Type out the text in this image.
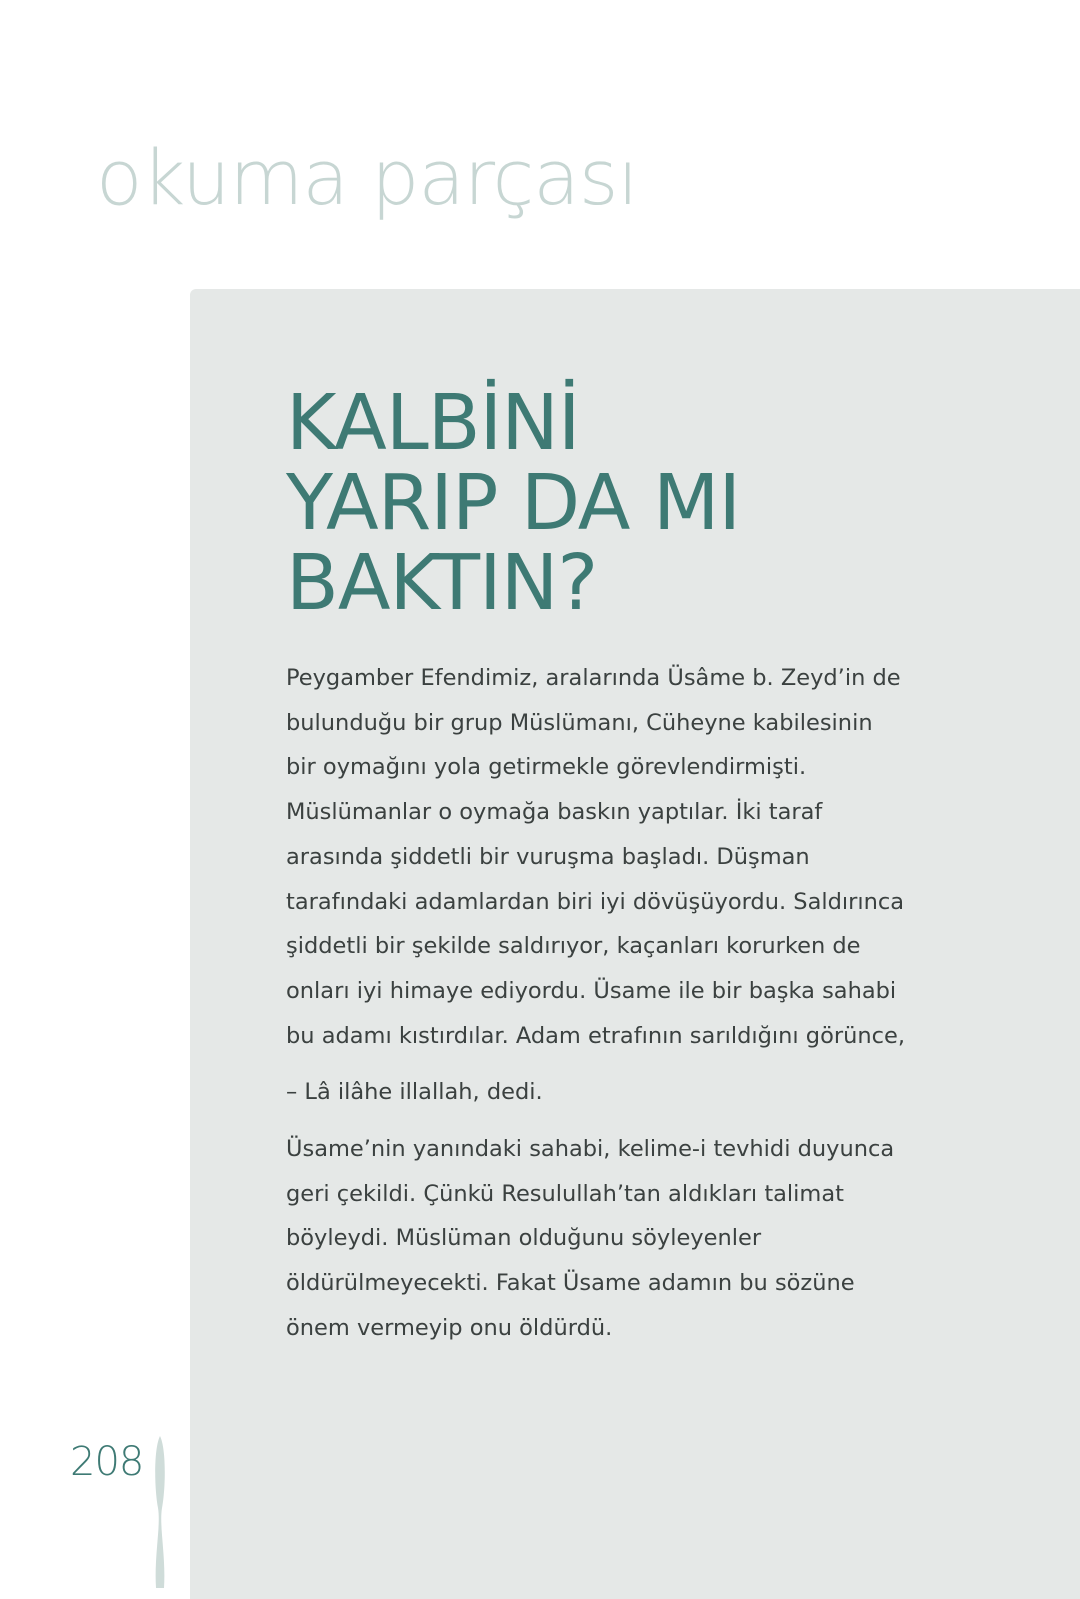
okuma parçası
KALBİNİ
YARIP DA MI
BAKTIN?

Peygamber Efendimiz, aralarında Üsâme b. Zeyd’in de bulunduğu bir grup Müslümanı, Cüheyne kabilesinin bir oymağını yola getirmekle görevlendirmişti. Müslümanlar o oymağa baskın yaptılar. İki taraf arasında şiddetli bir vuruşma başladı. Düşman tarafındaki adamlardan biri iyi dövüşüyordu. Saldırınca şiddetli bir şekilde saldırıyor, kaçanları korurken de onları iyi himaye ediyordu. Üsame ile bir başka sahabi bu adamı kıstırdılar. Adam etrafının sarıldığını görünce,

– Lâ ilâhe illallah, dedi.

Üsame’nin yanındaki sahabi, kelime-i tevhidi duyunca geri çekildi. Çünkü Resulullah’tan aldıkları talimat böyleydi. Müslüman olduğunu söyleyenler öldürülmeyecekti. Fakat Üsame adamın bu sözüne önem vermeyip onu öldürdü.

208
